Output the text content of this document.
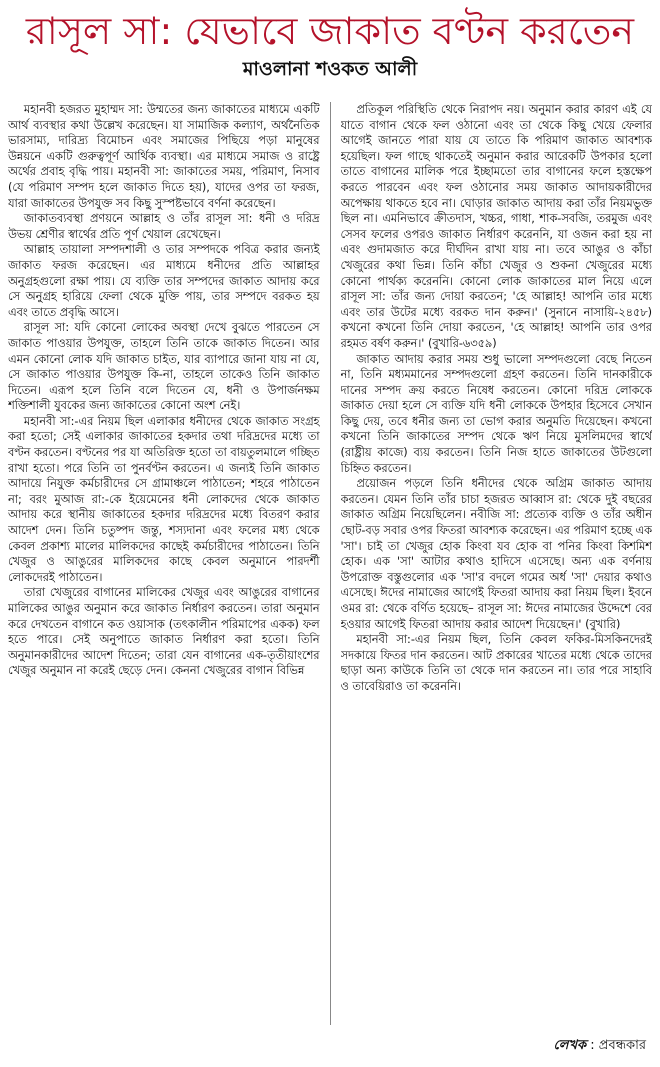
রাসূল সা: যেভাবে জাকাত বণ্টন করতেন
মাওলানা শওকত আলী

মহানবী হজরত মুহাম্মদ সা: উম্মতের জন্য জাকাতের মাধ্যমে একটি আর্থ ব্যবস্থার কথা উল্লেখ করেছেন। যা সামাজিক কল্যাণ, অর্থনৈতিক ভারসাম্য, দারিদ্র্য বিমোচন এবং সমাজের পিছিয়ে পড়া মানুষের উন্নয়নে একটি গুরুত্বপূর্ণ আর্থিক ব্যবস্থা। এর মাধ্যমে সমাজ ও রাষ্ট্রে অর্থের প্রবাহ বৃদ্ধি পায়। মহানবী সা: জাকাতের সময়, পরিমাণ, নিসাব (যে পরিমাণ সম্পদ হলে জাকাত দিতে হয়), যাদের ওপর তা ফরজ, যারা জাকাতের উপযুক্ত সব কিছু সুস্পষ্টভাবে বর্ণনা করেছেন।

জাকাতব্যবস্থা প্রণয়নে আল্লাহ ও তাঁর রাসূল সা: ধনী ও দরিদ্র উভয় শ্রেণীর স্বার্থের প্রতি পূর্ণ খেয়াল রেখেছেন।

আল্লাহ তায়ালা সম্পদশালী ও তার সম্পদকে পবিত্র করার জন্যই জাকাত ফরজ করেছেন। এর মাধ্যমে ধনীদের প্রতি আল্লাহর অনুগ্রহগুলো রক্ষা পায়। যে ব্যক্তি তার সম্পদের জাকাত আদায় করে সে অনুগ্রহ হারিয়ে ফেলা থেকে মুক্তি পায়, তার সম্পদে বরকত হয় এবং তাতে প্রবৃদ্ধি আসে।

রাসূল সা: যদি কোনো লোকের অবস্থা দেখে বুঝতে পারতেন সে জাকাত পাওয়ার উপযুক্ত, তাহলে তিনি তাকে জাকাত দিতেন। আর এমন কোনো লোক যদি জাকাত চাইত, যার ব্যাপারে জানা যায় না যে, সে জাকাত পাওয়ার উপযুক্ত কি-না, তাহলে তাকেও তিনি জাকাত দিতেন। এরূপ হলে তিনি বলে দিতেন যে, ধনী ও উপার্জনক্ষম শক্তিশালী যুবকের জন্য জাকাতের কোনো অংশ নেই।

মহানবী সা:-এর নিয়ম ছিল এলাকার ধনীদের থেকে জাকাত সংগ্রহ করা হতো; সেই এলাকার জাকাতের হকদার তথা দরিদ্রদের মধ্যে তা বণ্টন করতেন। বণ্টনের পর যা অতিরিক্ত হতো তা বায়তুলমালে গচ্ছিত রাখা হতো। পরে তিনি তা পুনর্বণ্টন করতেন। এ জন্যই তিনি জাকাত আদায়ে নিযুক্ত কর্মচারীদের সে গ্রামাঞ্চলে পাঠাতেন; শহরে পাঠাতেন না; বরং মুআজ রা:-কে ইয়েমেনের ধনী লোকদের থেকে জাকাত আদায় করে স্থানীয় জাকাতের হকদার দরিদ্রদের মধ্যে বিতরণ করার আদেশ দেন। তিনি চতুষ্পদ জন্তু, শস্যদানা এবং ফলের মধ্য থেকে কেবল প্রকাশ্য মালের মালিকদের কাছেই কর্মচারীদের পাঠাতেন। তিনি খেজুর ও আঙুরের মালিকদের কাছে কেবল অনুমানে পারদর্শী লোকদেরই পাঠাতেন।

তারা খেজুরের বাগানের মালিকের খেজুর এবং আঙুরের বাগানের মালিকের আঙুর অনুমান করে জাকাত নির্ধারণ করতেন। তারা অনুমান করে দেখতেন বাগানে কত ওয়াসাক (তৎকালীন পরিমাপের একক) ফল হতে পারে। সেই অনুপাতে জাকাত নির্ধারণ করা হতো। তিনি অনুমানকারীদের আদেশ দিতেন; তারা যেন বাগানের এক-তৃতীয়াংশের খেজুর অনুমান না করেই ছেড়ে দেন। কেননা খেজুরের বাগান বিভিন্ন

প্রতিকূল পরিস্থিতি থেকে নিরাপদ নয়। অনুমান করার কারণ এই যে যাতে বাগান থেকে ফল ওঠানো এবং তা থেকে কিছু খেয়ে ফেলার আগেই জানতে পারা যায় যে তাতে কি পরিমাণ জাকাত আবশ্যক হয়েছিল। ফল গাছে থাকতেই অনুমান করার আরেকটি উপকার হলো তাতে বাগানের মালিক পরে ইচ্ছামতো তার বাগানের ফলে হস্তক্ষেপ করতে পারবেন এবং ফল ওঠানোর সময় জাকাত আদায়কারীদের অপেক্ষায় থাকতে হবে না। ঘোড়ার জাকাত আদায় করা তাঁর নিয়মভুক্ত ছিল না। এমনিভাবে ক্রীতদাস, খচ্চর, গাধা, শাক-সবজি, তরমুজ এবং সেসব ফলের ওপরও জাকাত নির্ধারণ করেননি, যা ওজন করা হয় না এবং গুদামজাত করে দীর্ঘদিন রাখা যায় না। তবে আঙুর ও কাঁচা খেজুরের কথা ভিন্ন। তিনি কাঁচা খেজুর ও শুকনা খেজুরের মধ্যে কোনো পার্থক্য করেননি। কোনো লোক জাকাতের মাল নিয়ে এলে রাসূল সা: তাঁর জন্য দোয়া করতেন; 'হে আল্লাহ! আপনি তার মধ্যে এবং তার উটের মধ্যে বরকত দান করুন।' (সুনানে নাসায়ি-২৪৫৮) কখনো কখনো তিনি দোয়া করতেন, 'হে আল্লাহ! আপনি তার ওপর রহমত বর্ষণ করুন।' (বুখারি-৬৩৫৯)

জাকাত আদায় করার সময় শুধু ভালো সম্পদগুলো বেছে নিতেন না, তিনি মধ্যমমানের সম্পদগুলো গ্রহণ করতেন। তিনি দানকারীকে দানের সম্পদ ক্রয় করতে নিষেধ করতেন। কোনো দরিদ্র লোককে জাকাত দেয়া হলে সে ব্যক্তি যদি ধনী লোককে উপহার হিসেবে সেখান কিছু দেয়, তবে ধনীর জন্য তা ভোগ করার অনুমতি দিয়েছেন। কখনো কখনো তিনি জাকাতের সম্পদ থেকে ঋণ নিয়ে মুসলিমদের স্বার্থে (রাষ্ট্রীয় কাজে) ব্যয় করতেন। তিনি নিজ হাতে জাকাতের উটগুলো চিহ্নিত করতেন।

প্রয়োজন পড়লে তিনি ধনীদের থেকে অগ্রিম জাকাত আদায় করতেন। যেমন তিনি তাঁর চাচা হজরত আব্বাস রা: থেকে দুই বছরের জাকাত অগ্রিম নিয়েছিলেন। নবীজি সা: প্রত্যেক ব্যক্তি ও তাঁর অধীন ছোট-বড় সবার ওপর ফিতরা আবশ্যক করেছেন। এর পরিমাণ হচ্ছে এক 'সা'। চাই তা খেজুর হোক কিংবা যব হোক বা পনির কিংবা কিশমিশ হোক। এক 'সা' আটার কথাও হাদিসে এসেছে। অন্য এক বর্ণনায় উপরোক্ত বস্তুগুলোর এক 'সা'র বদলে গমের অর্ধ 'সা' দেয়ার কথাও এসেছে। ঈদের নামাজের আগেই ফিতরা আদায় করা নিয়ম ছিল। ইবনে ওমর রা: থেকে বর্ণিত হয়েছে– রাসূল সা: ঈদের নামাজের উদ্দেশে বের হওয়ার আগেই ফিতরা আদায় করার আদেশ দিয়েছেন।' (বুখারি)

মহানবী সা:-এর নিয়ম ছিল, তিনি কেবল ফকির-মিসকিনদেরই সদকায়ে ফিতর দান করতেন। আট প্রকারের খাতের মধ্যে থেকে তাদের ছাড়া অন্য কাউকে তিনি তা থেকে দান করতেন না। তার পরে সাহাবি ও তাবেয়িরাও তা করেননি।

লেখক : প্রবন্ধকার
